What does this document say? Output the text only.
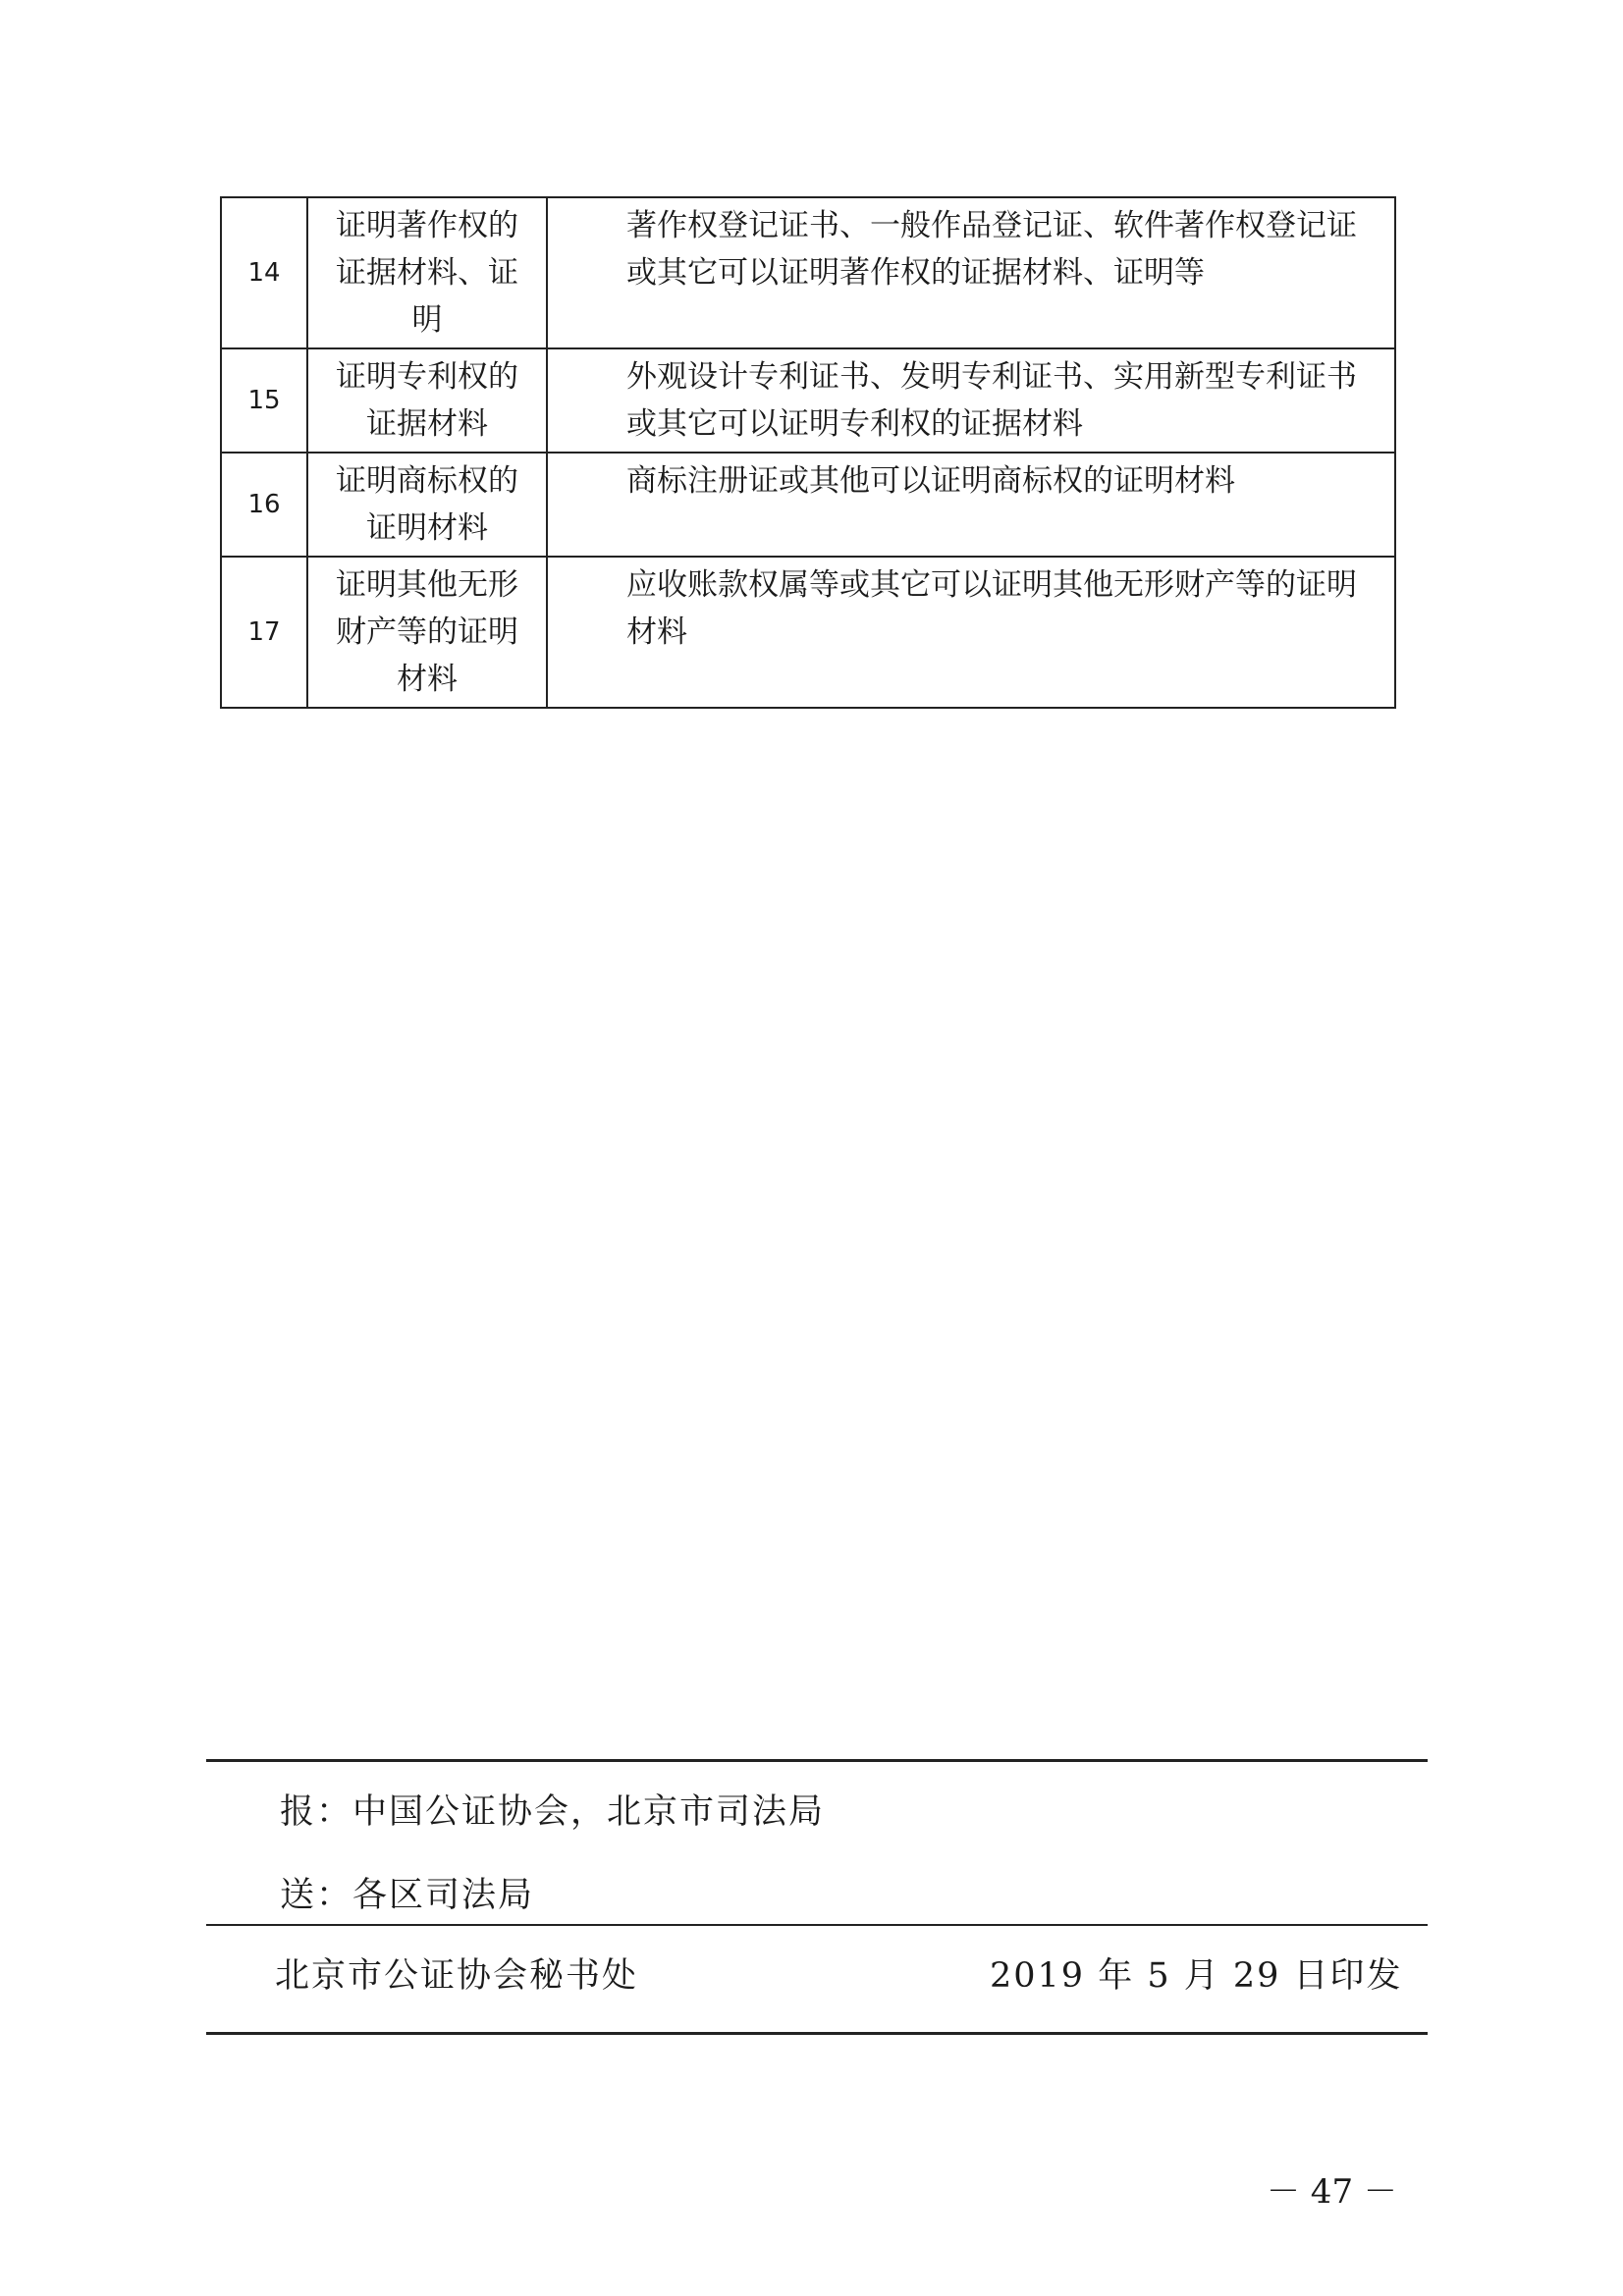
14	证明著作权的证据材料、证明	著作权登记证书、一般作品登记证、软件著作权登记证或其它可以证明著作权的证据材料、证明等
15	证明专利权的证据材料	外观设计专利证书、发明专利证书、实用新型专利证书或其它可以证明专利权的证据材料
16	证明商标权的证明材料	商标注册证或其他可以证明商标权的证明材料
17	证明其他无形财产等的证明材料	应收账款权属等或其它可以证明其他无形财产等的证明材料
报：中国公证协会，北京市司法局
送：各区司法局
北京市公证协会秘书处	2019 年 5 月 29 日印发
－ 47 －
